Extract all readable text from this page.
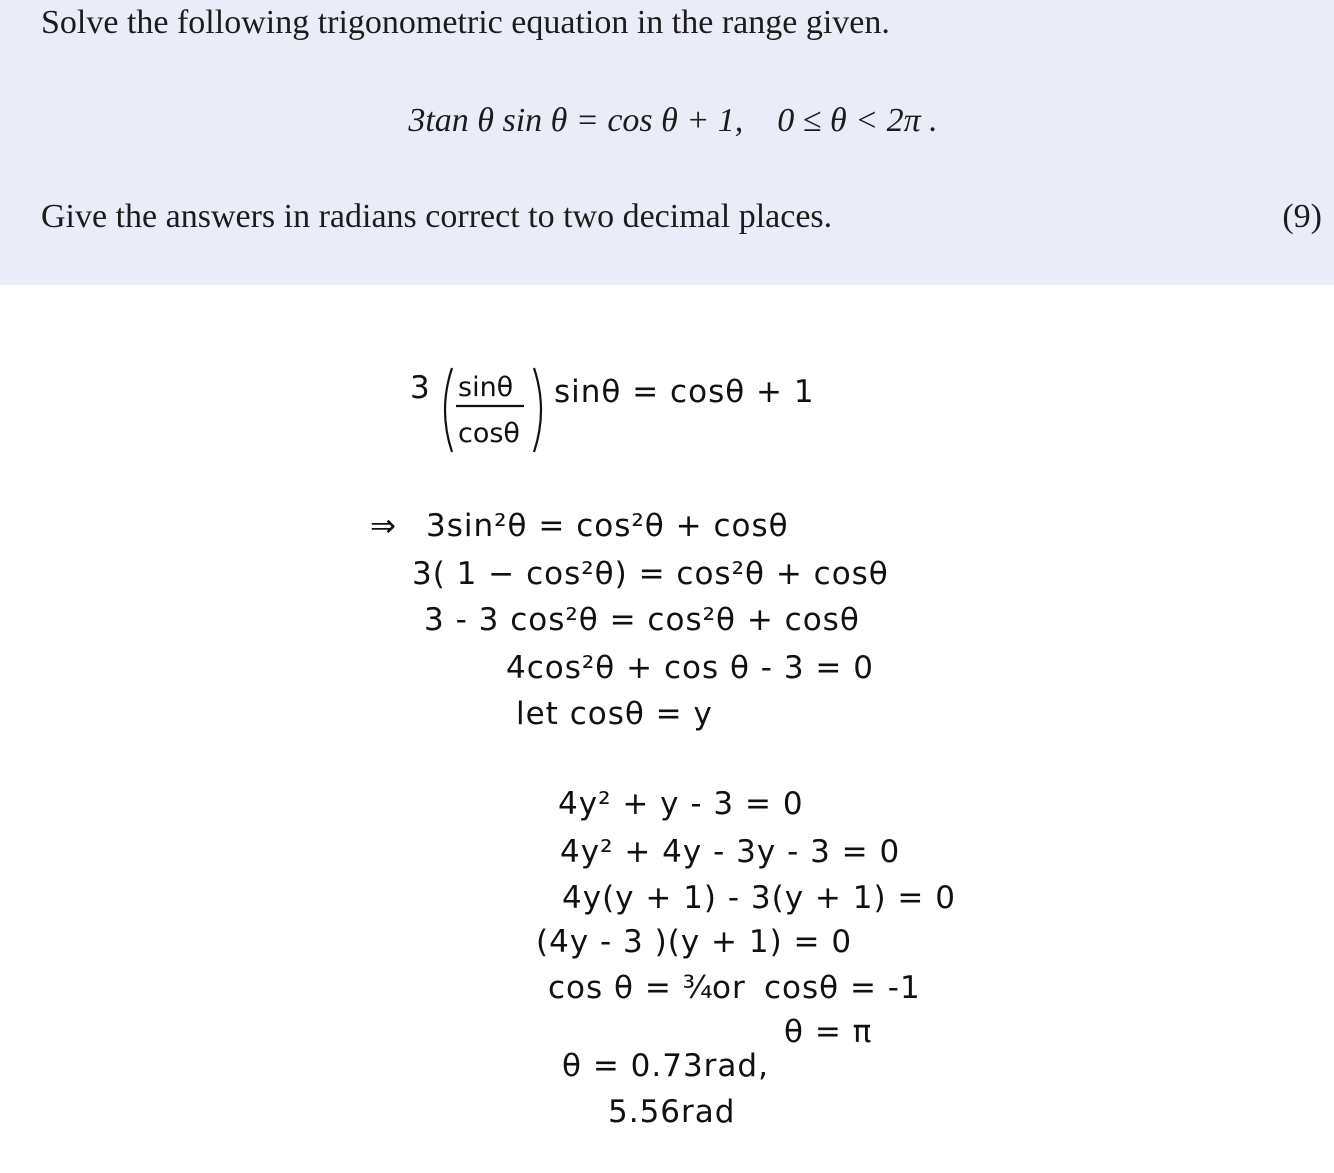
Solve the following trigonometric equation in the range given.
3tan θ sin θ = cos θ + 1, 0 ≤ θ < 2π .
Give the answers in radians correct to two decimal places.	(9)
3 sinθ
cosθ
sinθ = cosθ + 1
⇒ 3sin²θ = cos²θ + cosθ
3( 1 − cos²θ) = cos²θ + cosθ
3 - 3 cos²θ = cos²θ + cosθ
4cos²θ + cos θ - 3 = 0
let cosθ = y
4y² + y - 3 = 0
4y² + 4y - 3y - 3 = 0
4y(y + 1) - 3(y + 1) = 0
(4y - 3 )(y + 1) = 0
cos θ = ¾
or cosθ = -1
θ = π
θ = 0.73rad,
5.56rad
